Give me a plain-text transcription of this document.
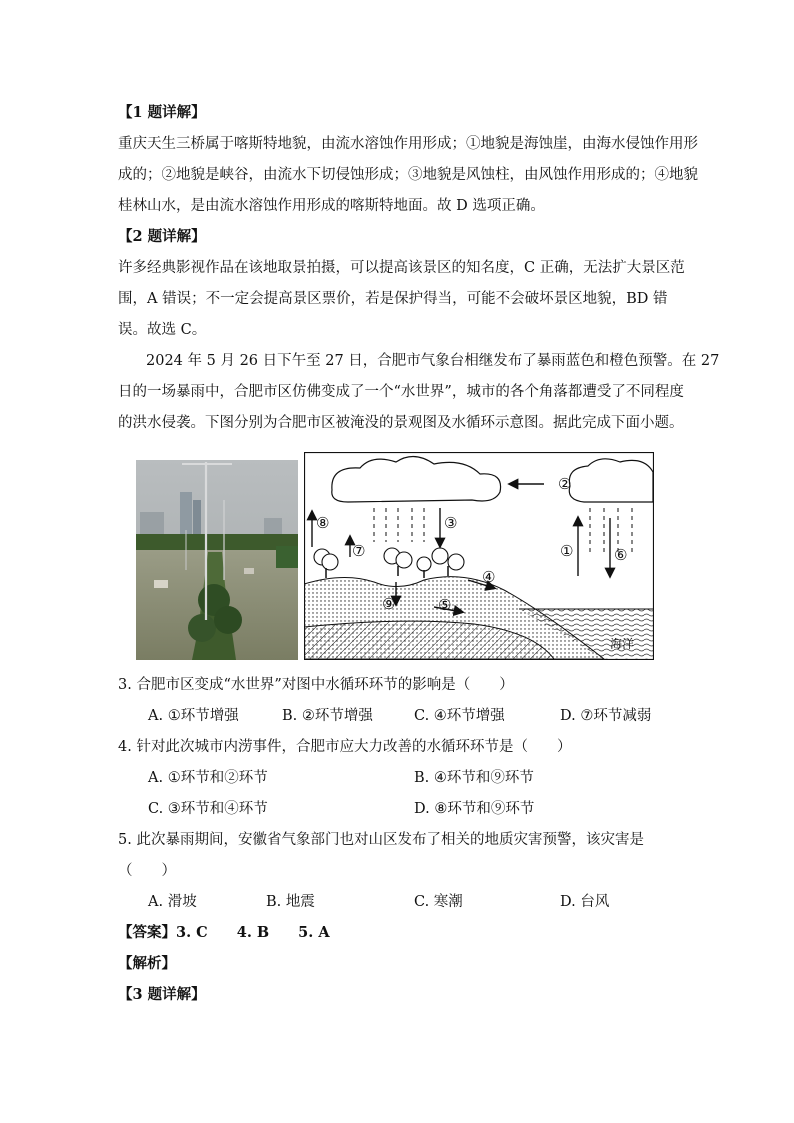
【1 题详解】
重庆天生三桥属于喀斯特地貌，由流水溶蚀作用形成；①地貌是海蚀崖，由海水侵蚀作用形
成的；②地貌是峡谷，由流水下切侵蚀形成；③地貌是风蚀柱，由风蚀作用形成的；④地貌
桂林山水，是由流水溶蚀作用形成的喀斯特地面。故 D 选项正确。
【2 题详解】
许多经典影视作品在该地取景拍摄，可以提高该景区的知名度，C 正确，无法扩大景区范
围，A 错误；不一定会提高景区票价，若是保护得当，可能不会破坏景区地貌，BD 错
误。故选 C。
2024 年 5 月 26 日下午至 27 日，合肥市气象台相继发布了暴雨蓝色和橙色预警。在 27
日的一场暴雨中，合肥市区仿佛变成了一个“水世界”，城市的各个角落都遭受了不同程度
的洪水侵袭。下图分别为合肥市区被淹没的景观图及水循环示意图。据此完成下面小题。
②
⑧
⑦
③
④
⑨	⑤
①	⑥
海洋
3. 合肥市区变成“水世界”对图中水循环环节的影响是（　　）
A. ①环节增强	B. ②环节增强	C. ④环节增强	D. ⑦环节减弱
4. 针对此次城市内涝事件，合肥市应大力改善的水循环环节是（　　）
A. ①环节和②环节	B. ④环节和⑨环节
C. ③环节和④环节	D. ⑧环节和⑨环节
5. 此次暴雨期间，安徽省气象部门也对山区发布了相关的地质灾害预警，该灾害是
（　　）
A. 滑坡	B. 地震	C. 寒潮	D. 台风
【答案】3. C　　4. B　　5. A
【解析】
【3 题详解】
